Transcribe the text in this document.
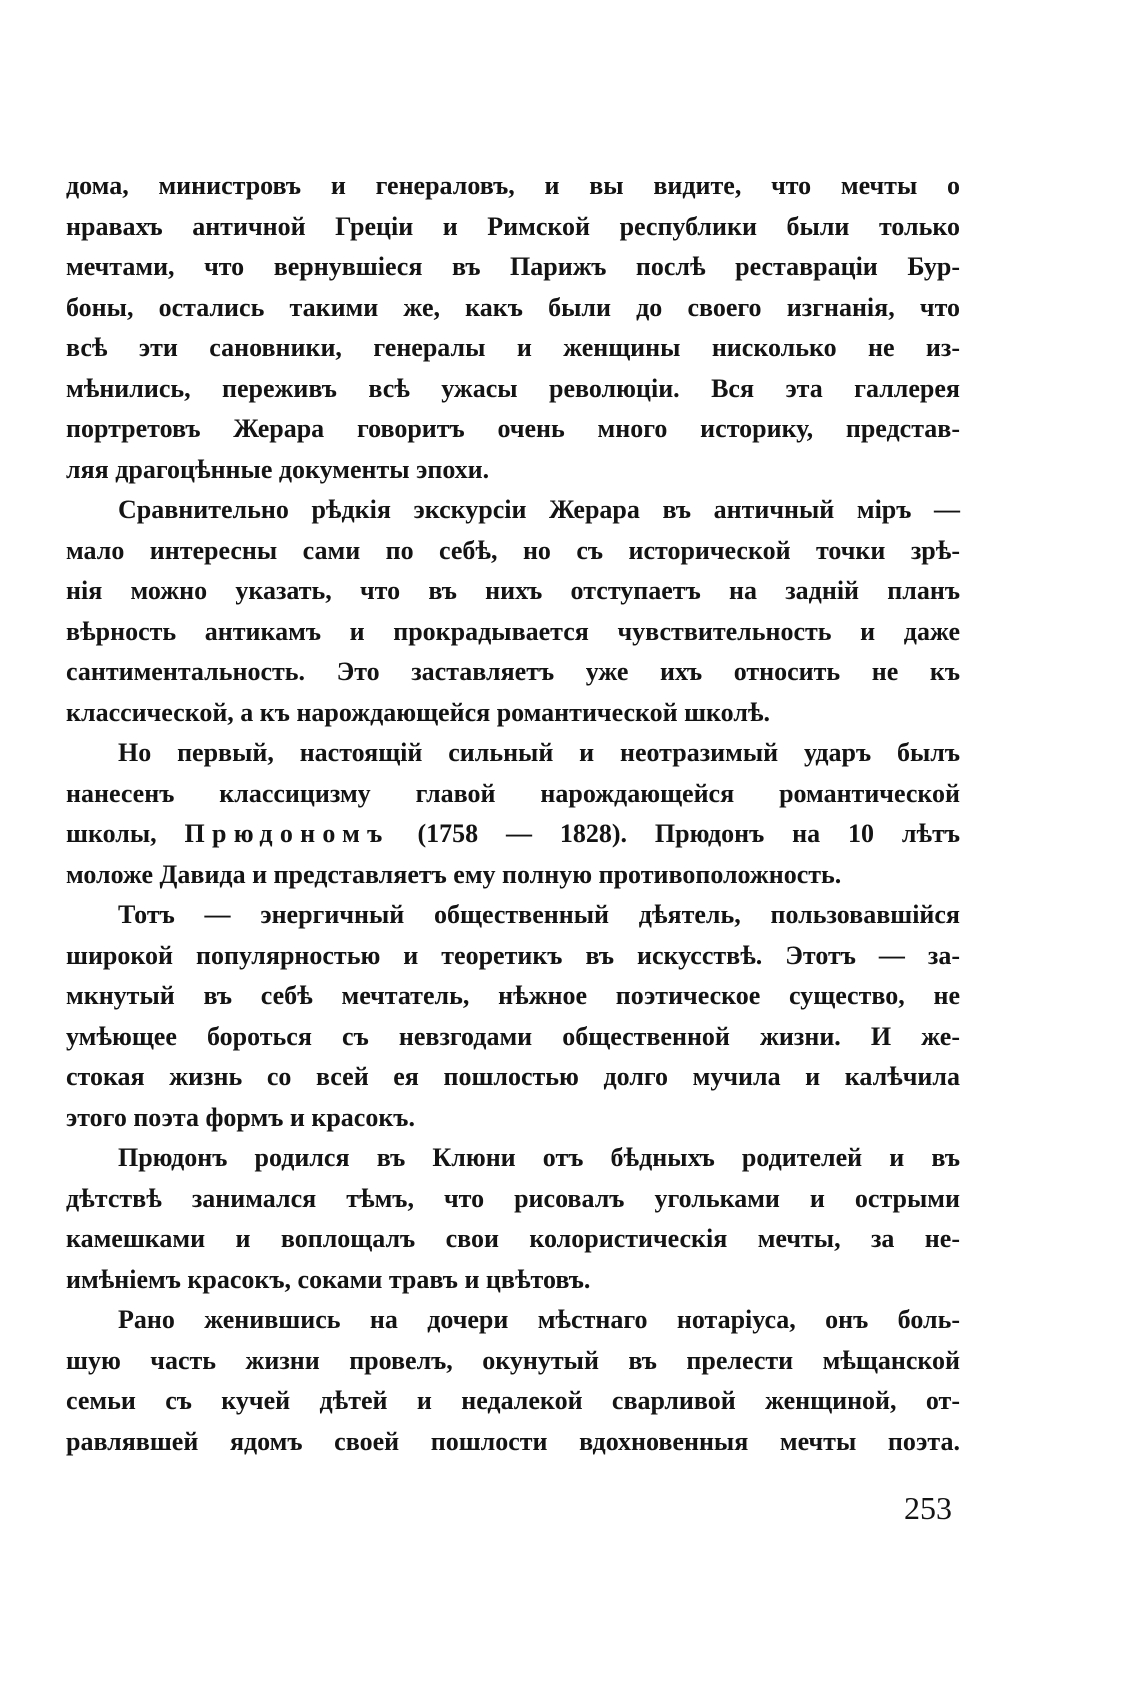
дома, министровъ и генераловъ, и вы видите, что мечты о
нравахъ античной Греціи и Римской республики были только
мечтами, что вернувшіеся въ Парижъ послѣ реставраціи Бур-
боны, остались такими же, какъ были до своего изгнанія, что
всѣ эти сановники, генералы и женщины нисколько не из-
мѣнились, переживъ всѣ ужасы революціи. Вся эта галлерея
портретовъ Жерара говоритъ очень много историку, представ-
ляя драгоцѣнные документы эпохи.
Сравнительно рѣдкія экскурсіи Жерара въ античный міръ —
мало интересны сами по себѣ, но съ исторической точки зрѣ-
нія можно указать, что въ нихъ отступаетъ на задній планъ
вѣрность антикамъ и прокрадывается чувствительность и даже
сантиментальность. Это заставляетъ уже ихъ относить не къ
классической, а къ нарождающейся романтической школѣ.
Но первый, настоящій сильный и неотразимый ударъ былъ
нанесенъ классицизму главой нарождающейся романтической
школы, Прюдономъ (1758 — 1828). Прюдонъ на 10 лѣтъ
моложе Давида и представляетъ ему полную противоположность.
Тотъ — энергичный общественный дѣятель, пользовавшійся
широкой популярностью и теоретикъ въ искусствѣ. Этотъ — за-
мкнутый въ себѣ мечтатель, нѣжное поэтическое существо, не
умѣющее бороться съ невзгодами общественной жизни. И же-
стокая жизнь со всей ея пошлостью долго мучила и калѣчила
этого поэта формъ и красокъ.
Прюдонъ родился въ Клюни отъ бѣдныхъ родителей и въ
дѣтствѣ занимался тѣмъ, что рисовалъ угольками и острыми
камешками и воплощалъ свои колористическія мечты, за не-
имѣніемъ красокъ, соками травъ и цвѣтовъ.
Рано женившись на дочери мѣстнаго нотаріуса, онъ боль-
шую часть жизни провелъ, окунутый въ прелести мѣщанской
семьи съ кучей дѣтей и недалекой сварливой женщиной, от-
равлявшей ядомъ своей пошлости вдохновенныя мечты поэта.
253
